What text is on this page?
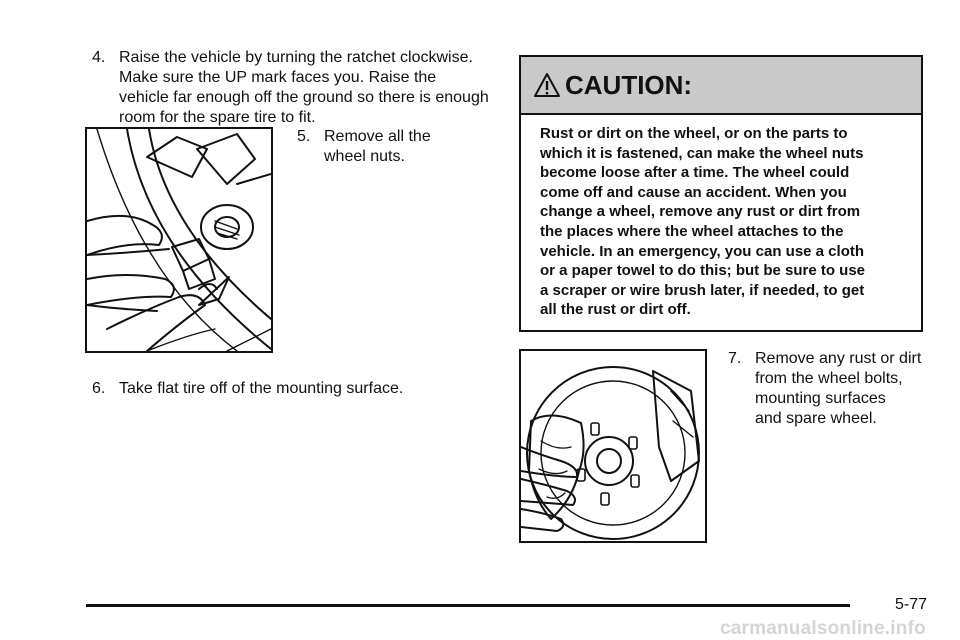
4. Raise the vehicle by turning the ratchet clockwise.
Make sure the UP mark faces you. Raise the
vehicle far enough off the ground so there is enough
room for the spare tire to fit.
5. Remove all the
wheel nuts.
6. Take flat tire off of the mounting surface.
CAUTION:
Rust or dirt on the wheel, or on the parts to
which it is fastened, can make the wheel nuts
become loose after a time. The wheel could
come off and cause an accident. When you
change a wheel, remove any rust or dirt from
the places where the wheel attaches to the
vehicle. In an emergency, you can use a cloth
or a paper towel to do this; but be sure to use
a scraper or wire brush later, if needed, to get
all the rust or dirt off.
7. Remove any rust or dirt
from the wheel bolts,
mounting surfaces
and spare wheel.
5-77
carmanualsonline.info
